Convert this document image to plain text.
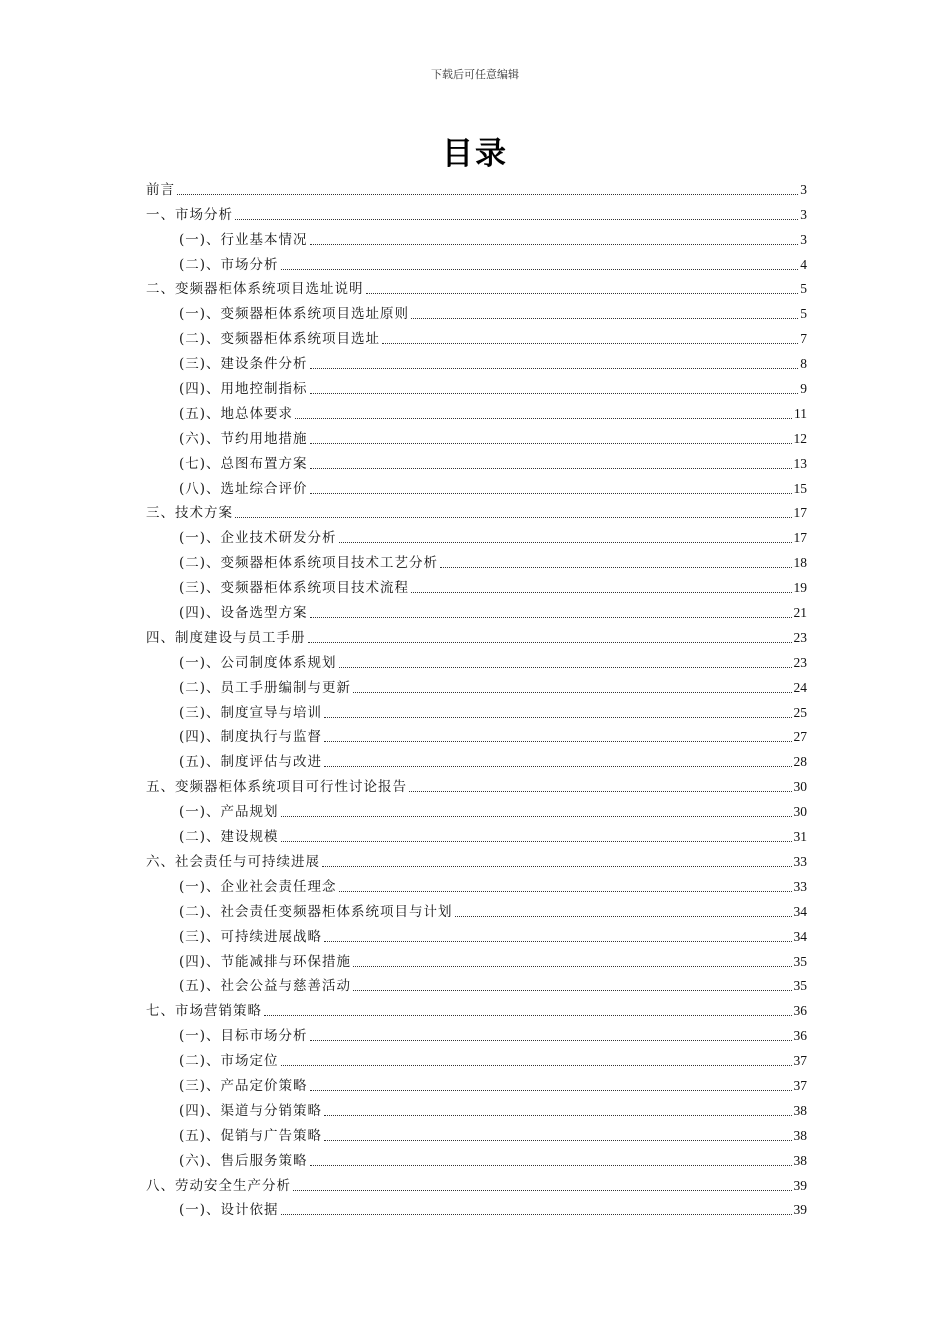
下载后可任意编辑
目录
前言	3
一、市场分析	3
(一)、行业基本情况	3
(二)、市场分析	4
二、变频器柜体系统项目选址说明	5
(一)、变频器柜体系统项目选址原则	5
(二)、变频器柜体系统项目选址	7
(三)、建设条件分析	8
(四)、用地控制指标	9
(五)、地总体要求	11
(六)、节约用地措施	12
(七)、总图布置方案	13
(八)、选址综合评价	15
三、技术方案	17
(一)、企业技术研发分析	17
(二)、变频器柜体系统项目技术工艺分析	18
(三)、变频器柜体系统项目技术流程	19
(四)、设备选型方案	21
四、制度建设与员工手册	23
(一)、公司制度体系规划	23
(二)、员工手册编制与更新	24
(三)、制度宣导与培训	25
(四)、制度执行与监督	27
(五)、制度评估与改进	28
五、变频器柜体系统项目可行性讨论报告	30
(一)、产品规划	30
(二)、建设规模	31
六、社会责任与可持续进展	33
(一)、企业社会责任理念	33
(二)、社会责任变频器柜体系统项目与计划	34
(三)、可持续进展战略	34
(四)、节能减排与环保措施	35
(五)、社会公益与慈善活动	35
七、市场营销策略	36
(一)、目标市场分析	36
(二)、市场定位	37
(三)、产品定价策略	37
(四)、渠道与分销策略	38
(五)、促销与广告策略	38
(六)、售后服务策略	38
八、劳动安全生产分析	39
(一)、设计依据	39
